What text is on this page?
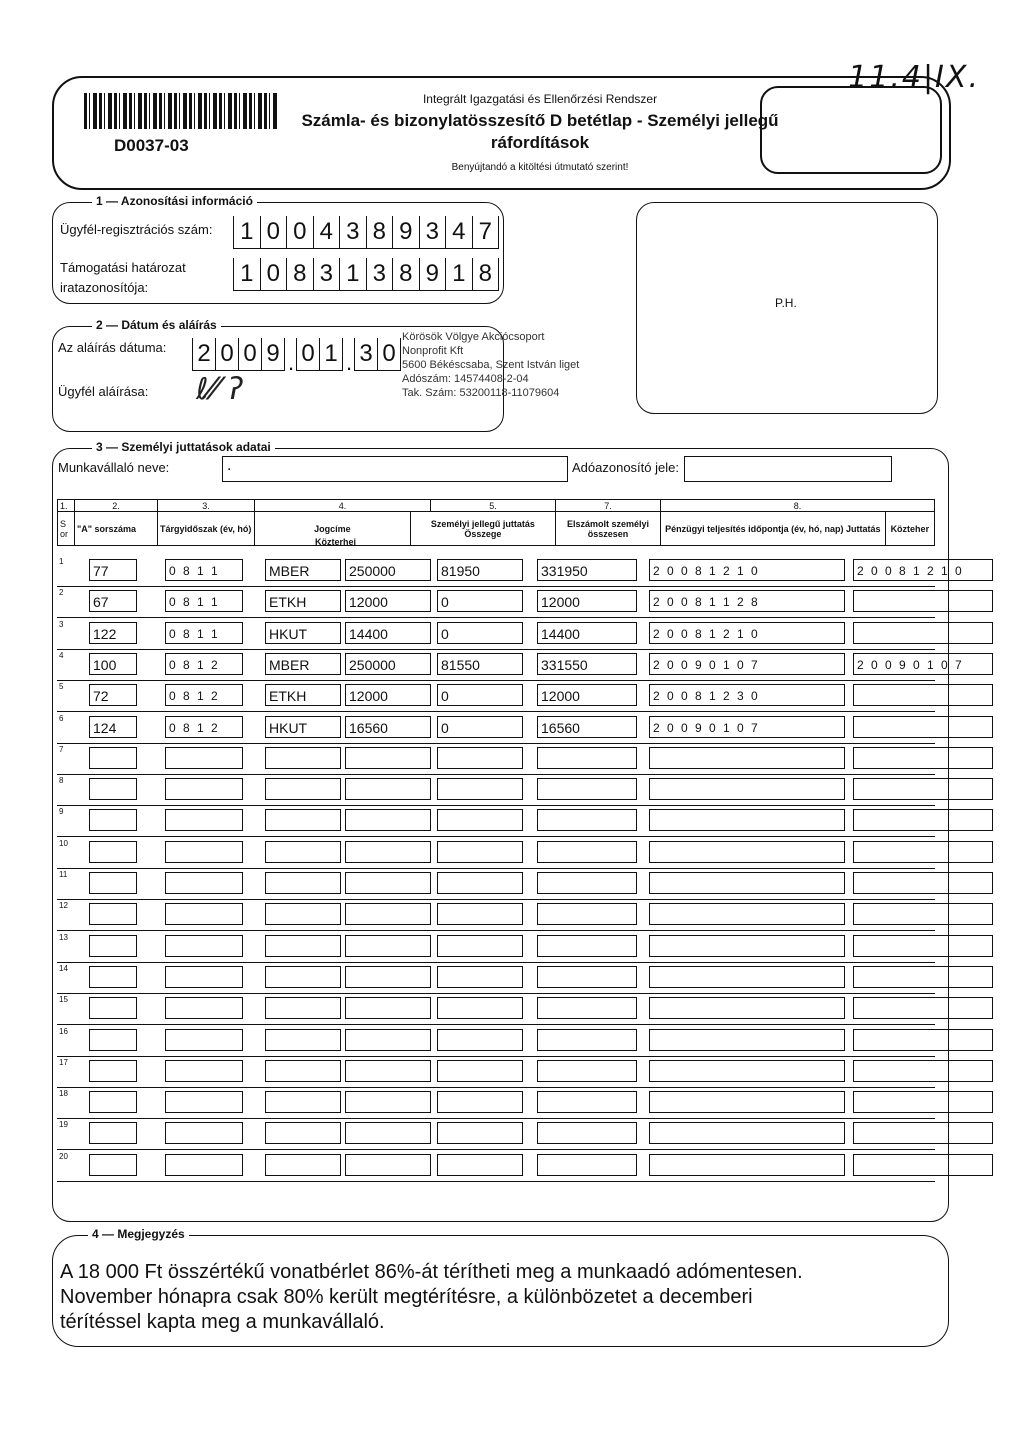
11.4|IX.
D0037-03
Integrált Igazgatási és Ellenőrzési Rendszer
Számla- és bizonylatösszesítő D betétlap - Személyi jellegű ráfordítások
Benyújtandó a kitöltési útmutató szerint!
1 — Azonosítási információ
Ügyfél-regisztrációs szám: 1 0 0 4 3 8 9 3 4 7
Támogatási határozat
iratazonosítója:
1 0 8 3 1 3 8 9 1 8
P.H.
2 — Dátum és aláírás
Az aláírás dátuma: 2 0 0 9 . 0 1 . 3 0
Ügyfél aláírása: ℓ⁄⁄ ʔ
Körösök Völgye Akciócsoport
Nonprofit Kft
5600 Békéscsaba, Szent István liget
Adószám: 14574408-2-04
Tak. Szám: 53200118-11079604
3 — Személyi juttatások adatai
Munkavállaló neve:	.	Adóazonosító jele:
1.	2.	3.	4.		5.	7.	8.	
S or	"A" sorszáma	Tárgyidőszak (év, hó)	Jogcíme	Személyi jellegű juttatás Összege		Elszámolt személyi összesen	Pénzügyi teljesítés időpontja (év, hó, nap) Juttatás	Közteher
Közterhei
1
77	0 8 1 1	MBER	250000	81950	331950	2 0 0 8 1 2 1 0	2 0 0 8 1 2 1 0
2
67	0 8 1 1	ETKH	12000	0	12000	2 0 0 8 1 1 2 8
3
122	0 8 1 1	HKUT	14400	0	14400	2 0 0 8 1 2 1 0
4
100	0 8 1 2	MBER	250000	81550	331550	2 0 0 9 0 1 0 7	2 0 0 9 0 1 0 7
5
72	0 8 1 2	ETKH	12000	0	12000	2 0 0 8 1 2 3 0
6
124	0 8 1 2	HKUT	16560	0	16560	2 0 0 9 0 1 0 7
7
8
9
10
11
12
13
14
15
16
17
18
19
20
4 — Megjegyzés
A 18 000 Ft összértékű vonatbérlet 86%-át térítheti meg a munkaadó adómentesen.
November hónapra csak 80% került megtérítésre, a különbözetet a decemberi
térítéssel kapta meg a munkavállaló.
